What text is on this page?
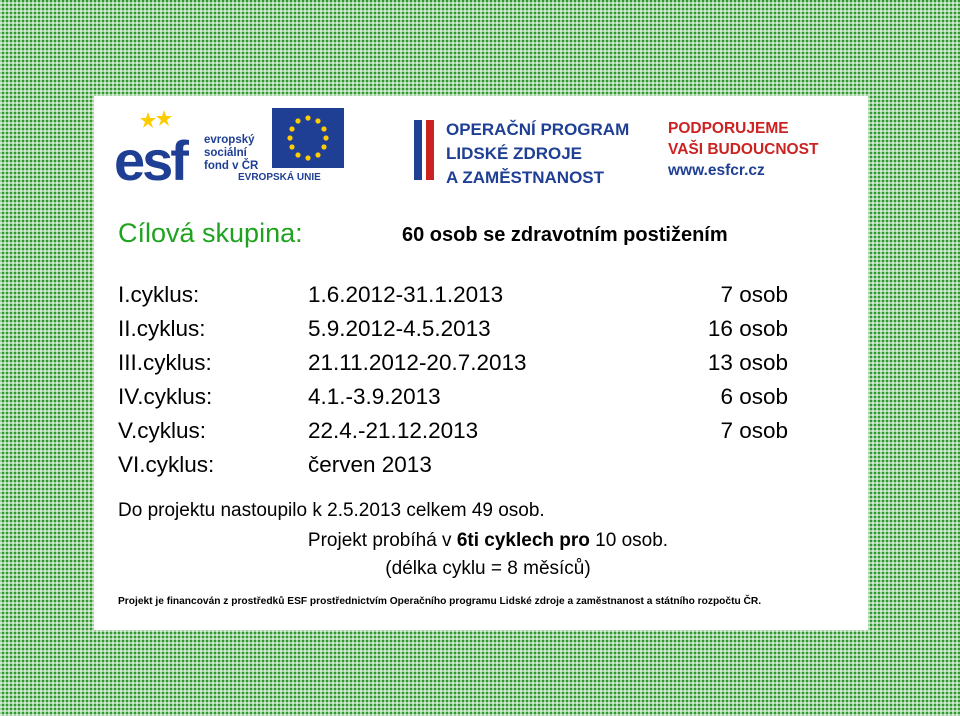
esf evropský
sociální
fond v ČR
EVROPSKÁ UNIE
OPERAČNÍ PROGRAM
LIDSKÉ ZDROJE
A ZAMĚSTNANOST
PODPORUJEME
VAŠI BUDOUCNOST
www.esfcr.cz
Cílová skupina:	60 osob se zdravotním postižením
I.cyklus:	1.6.2012-31.1.2013	7 osob
II.cyklus:	5.9.2012-4.5.2013	16 osob
III.cyklus:	21.11.2012-20.7.2013	13 osob
IV.cyklus:	4.1.-3.9.2013	6 osob
V.cyklus:	22.4.-21.12.2013	7 osob
VI.cyklus:	červen 2013
Do projektu nastoupilo k 2.5.2013 celkem 49 osob.
Projekt probíhá v 6ti cyklech pro 10 osob.
(délka cyklu = 8 měsíců)
Projekt je financován z prostředků ESF prostřednictvím Operačního programu Lidské zdroje a zaměstnanost a státního rozpočtu ČR.
